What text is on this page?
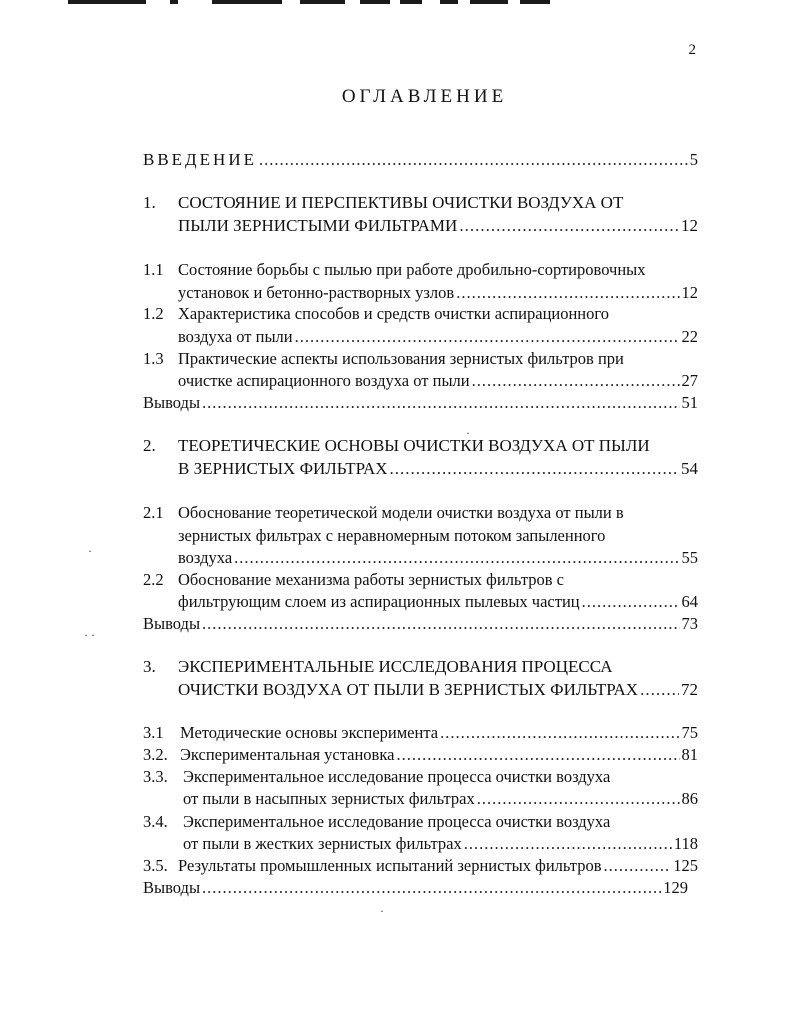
·
· ·
·
·
2
ОГЛАВЛЕНИЕ
ВВЕДЕНИЕ .....	5
1.	СОСТОЯНИЕ И ПЕРСПЕКТИВЫ ОЧИСТКИ ВОЗДУХА ОТ
ПЫЛИ ЗЕРНИСТЫМИ ФИЛЬТРАМИ .....	12
1.1 Состояние борьбы с пылью при работе дробильно-сортировочных
установок и бетонно-растворных узлов .....	12
1.2 Характеристика способов и средств очистки аспирационного
воздуха от пыли .....	22
1.3 Практические аспекты использования зернистых фильтров при
очистке аспирационного воздуха от пыли .....	27
Выводы .....	51
2.	ТЕОРЕТИЧЕСКИЕ ОСНОВЫ ОЧИСТКИ ВОЗДУХА ОТ ПЫЛИ
В ЗЕРНИСТЫХ ФИЛЬТРАХ .....	54
2.1 Обоснование теоретической модели очистки воздуха от пыли в
зернистых фильтрах с неравномерным потоком запыленного
воздуха .....	55
2.2 Обоснование механизма работы зернистых фильтров с
фильтрующим слоем из аспирационных пылевых частиц .....	64
Выводы .....	73
3.	ЭКСПЕРИМЕНТАЛЬНЫЕ ИССЛЕДОВАНИЯ ПРОЦЕССА
ОЧИСТКИ ВОЗДУХА ОТ ПЫЛИ В ЗЕРНИСТЫХ ФИЛЬТРАХ .....	72
3.1 Методические основы эксперимента .....	75
3.2. Экспериментальная установка .....	81
3.3. Экспериментальное исследование процесса очистки воздуха
от пыли в насыпных зернистых фильтрах .....	86
3.4. Экспериментальное исследование процесса очистки воздуха
от пыли в жестких зернистых фильтрах .....	118
3.5. Результаты промышленных испытаний зернистых фильтров .....	125
Выводы .....	129
